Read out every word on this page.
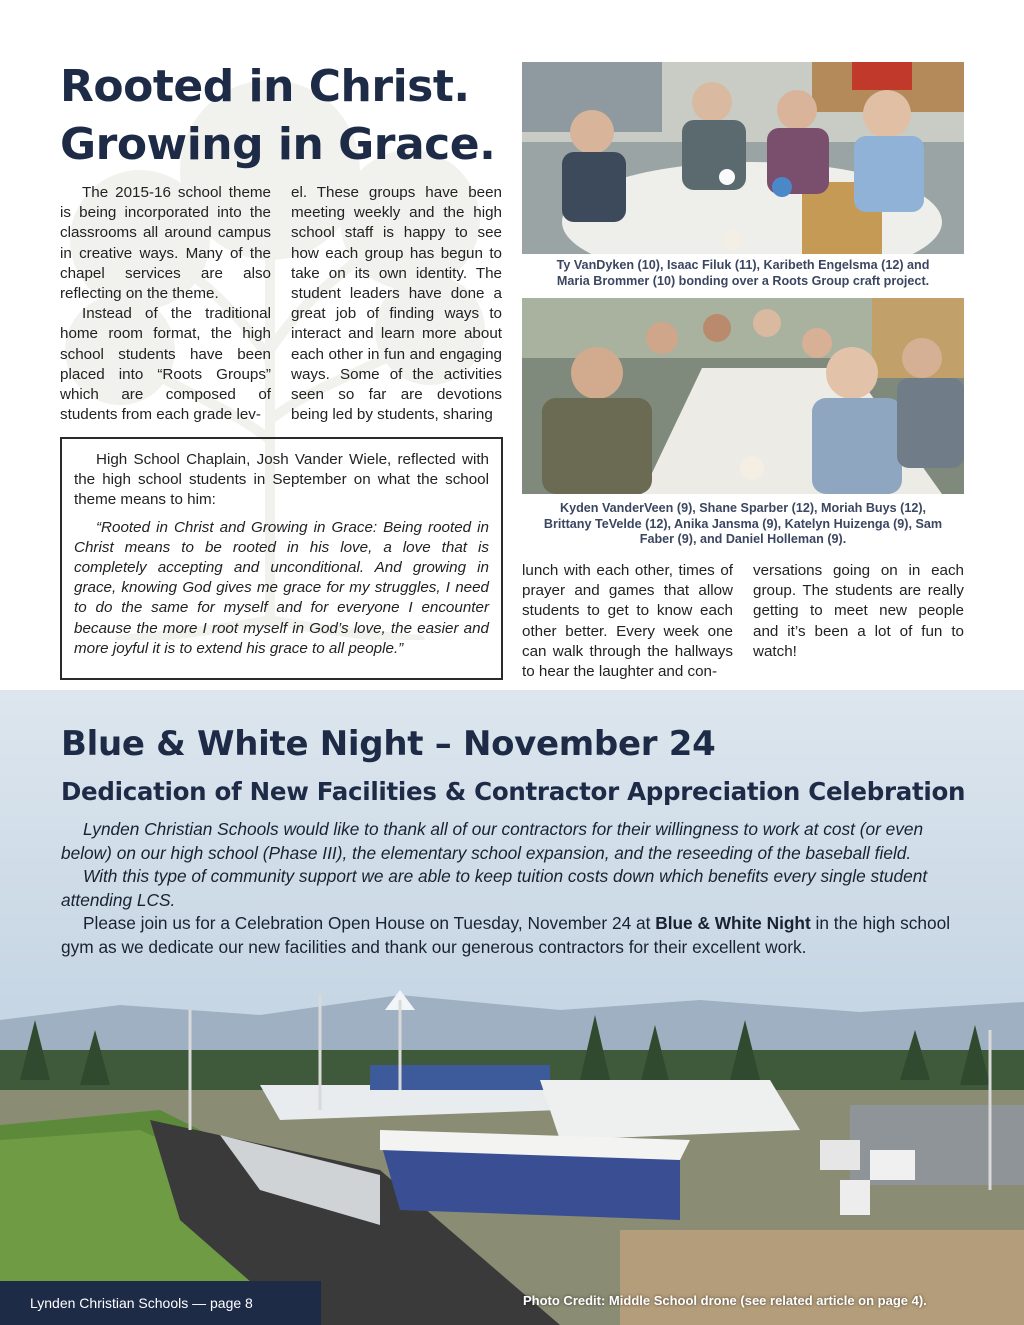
Rooted in Christ.
Growing in Grace.

The 2015-16 school theme is being incorporated into the classrooms all around campus in creative ways. Many of the chapel services are also reflecting on the theme.

Instead of the traditional home room format, the high school students have been placed into “Roots Groups” which are composed of students from each grade lev-

el. These groups have been meeting weekly and the high school staff is happy to see how each group has begun to take on its own identity. The student leaders have done a great job of finding ways to interact and learn more about each other in fun and engaging ways. Some of the activities seen so far are devotions being led by students, sharing

High School Chaplain, Josh Vander Wiele, reflected with the high school students in September on what the school theme means to him:

“Rooted in Christ and Growing in Grace: Being rooted in Christ means to be rooted in his love, a love that is completely accepting and unconditional. And growing in grace, knowing God gives me grace for my struggles, I need to do the same for myself and for everyone I encounter because the more I root myself in God’s love, the easier and more joyful it is to extend his grace to all people.”

Ty VanDyken (10), Isaac Filuk (11), Karibeth Engelsma (12) and
Maria Brommer (10) bonding over a Roots Group craft project.
Kyden VanderVeen (9), Shane Sparber (12), Moriah Buys (12),
Brittany TeVelde (12), Anika Jansma (9), Katelyn Huizenga (9), Sam
Faber (9), and Daniel Holleman (9).

lunch with each other, times of prayer and games that allow students to get to know each other better. Every week one can walk through the hallways to hear the laughter and con-

versations going on in each group. The students are really getting to meet new people and it’s been a lot of fun to watch!

Blue & White Night – November 24
Dedication of New Facilities & Contractor Appreciation Celebration

Lynden Christian Schools would like to thank all of our contractors for their willingness to work at cost (or even below) on our high school (Phase III), the elementary school expansion, and the reseeding of the baseball field.

With this type of community support we are able to keep tuition costs down which benefits every single student attending LCS.

Please join us for a Celebration Open House on Tuesday, November 24 at Blue & White Night in the high school gym as we dedicate our new facilities and thank our generous contractors for their excellent work.

Lynden Christian Schools — page 8	Photo Credit: Middle School drone (see related article on page 4).
